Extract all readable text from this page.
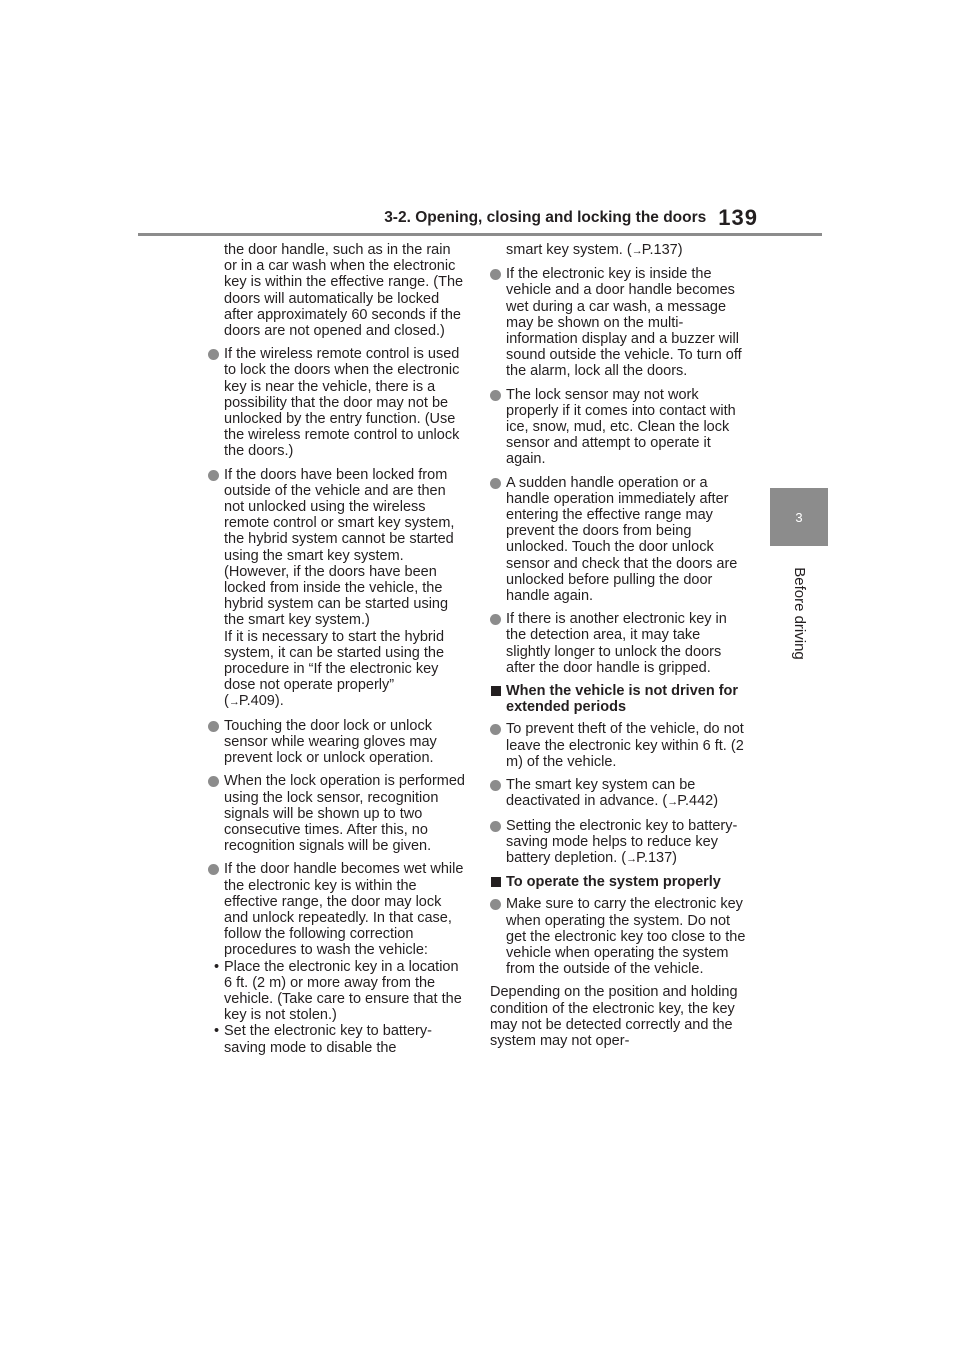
3-2. Opening, closing and locking the doors 139
3
Before driving
the door handle, such as in the rain or in a car wash when the electronic key is within the effective range. (The doors will automatically be locked after approximately 60 seconds if the doors are not opened and closed.)
If the wireless remote control is used to lock the doors when the electronic key is near the vehicle, there is a possibility that the door may not be unlocked by the entry function. (Use the wireless remote control to unlock the doors.)
If the doors have been locked from outside of the vehicle and are then not unlocked using the wireless remote control or smart key system, the hybrid system cannot be started using the smart key system. (However, if the doors have been locked from inside the vehicle, the hybrid system can be started using the smart key system.)
If it is necessary to start the hybrid system, it can be started using the procedure in “If the electronic key dose not operate properly”
(→P.409).
Touching the door lock or unlock sensor while wearing gloves may prevent lock or unlock operation.
When the lock operation is performed using the lock sensor, recognition signals will be shown up to two consecutive times. After this, no recognition signals will be given.
If the door handle becomes wet while the electronic key is within the effective range, the door may lock and unlock repeatedly. In that case, follow the following correction procedures to wash the vehicle:
• Place the electronic key in a location 6 ft. (2 m) or more away from the vehicle. (Take care to ensure that the key is not stolen.)
• Set the electronic key to battery-saving mode to disable the
smart key system. (→P.137)
If the electronic key is inside the vehicle and a door handle becomes wet during a car wash, a message may be shown on the multi-information display and a buzzer will sound outside the vehicle. To turn off the alarm, lock all the doors.
The lock sensor may not work properly if it comes into contact with ice, snow, mud, etc. Clean the lock sensor and attempt to operate it again.
A sudden handle operation or a handle operation immediately after entering the effective range may prevent the doors from being unlocked. Touch the door unlock sensor and check that the doors are unlocked before pulling the door handle again.
If there is another electronic key in the detection area, it may take slightly longer to unlock the doors after the door handle is gripped.
When the vehicle is not driven for extended periods
To prevent theft of the vehicle, do not leave the electronic key within 6 ft. (2 m) of the vehicle.
The smart key system can be deactivated in advance. (→P.442)
Setting the electronic key to battery-saving mode helps to reduce key battery depletion. (→P.137)
To operate the system properly
Make sure to carry the electronic key when operating the system. Do not get the electronic key too close to the vehicle when operating the system from the outside of the vehicle.
Depending on the position and holding condition of the electronic key, the key may not be detected correctly and the system may not oper-
